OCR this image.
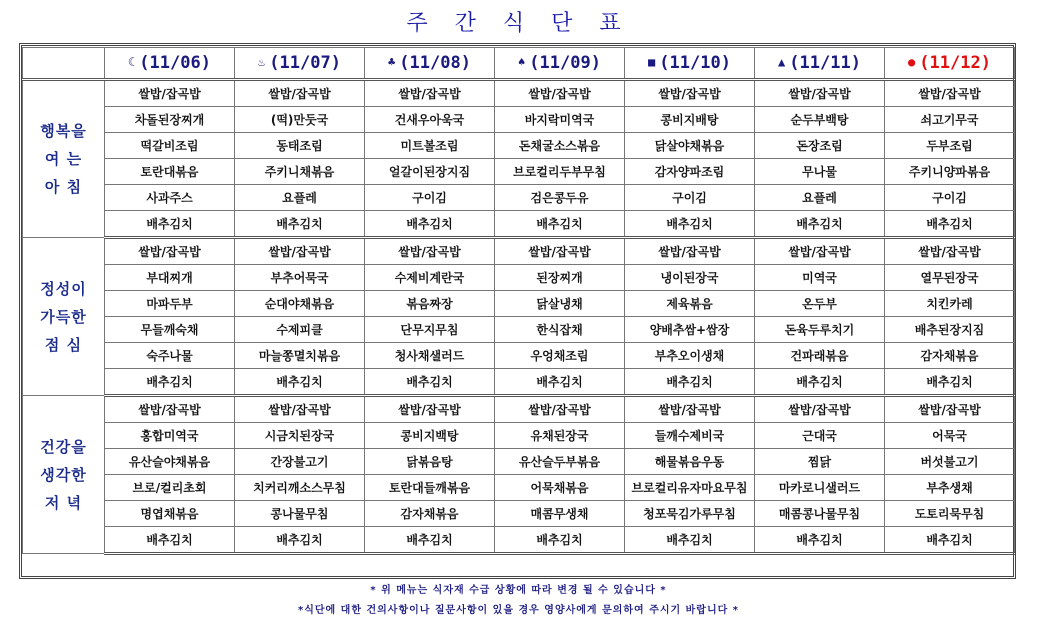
주 간 식 단 표
	☾ (11/06)	♨ (11/07)	♣ (11/08)	♠ (11/09)	■ (11/10)	▲ (11/11)	● (11/12)
행복을
여 는
아 침	쌀밥/잡곡밥	쌀밥/잡곡밥	쌀밥/잡곡밥	쌀밥/잡곡밥	쌀밥/잡곡밥	쌀밥/잡곡밥	쌀밥/잡곡밥
	차돌된장찌개	(떡)만둣국	건새우아욱국	바지락미역국	콩비지배탕	순두부백탕	쇠고기무국
	떡갈비조림	동태조림	미트볼조림	돈채굴소스볶음	닭살야채볶음	돈장조림	두부조림
	토란대볶음	주키니채볶음	얼갈이된장지짐	브로컬리두부무침	감자양파조림	무나물	주키니양파볶음
	사과주스	요플레	구이김	검은콩두유	구이김	요플레	구이김
	배추김치	배추김치	배추김치	배추김치	배추김치	배추김치	배추김치
정성이
가득한
점 심	쌀밥/잡곡밥	쌀밥/잡곡밥	쌀밥/잡곡밥	쌀밥/잡곡밥	쌀밥/잡곡밥	쌀밥/잡곡밥	쌀밥/잡곡밥
	부대찌개	부추어묵국	수제비계란국	된장찌개	냉이된장국	미역국	열무된장국
	마파두부	순대야채볶음	볶음짜장	닭살냉채	제육볶음	온두부	치킨카레
	무들깨숙채	수제피클	단무지무침	한식잡채	양배추쌈+쌈장	돈육두루치기	배추된장지짐
	숙주나물	마늘쫑멸치볶음	청사채샐러드	우엉채조림	부추오이생채	건파래볶음	감자채볶음
	배추김치	배추김치	배추김치	배추김치	배추김치	배추김치	배추김치
건강을
생각한
저 녁	쌀밥/잡곡밥	쌀밥/잡곡밥	쌀밥/잡곡밥	쌀밥/잡곡밥	쌀밥/잡곡밥	쌀밥/잡곡밥	쌀밥/잡곡밥
	홍합미역국	시금치된장국	콩비지백탕	유채된장국	들깨수제비국	근대국	어묵국
	유산슬야채볶음	간장불고기	닭볶음탕	유산슬두부볶음	해물볶음우동	찜닭	버섯불고기
	브로/컬리초회	치커리깨소스무침	토란대들깨볶음	어묵채볶음	브로컬리유자마요무침	마카로니샐러드	부추생채
	명엽채볶음	콩나물무침	감자채볶음	매콤무생채	청포묵김가루무침	매콤콩나물무침	도토리묵무침
	배추김치	배추김치	배추김치	배추김치	배추김치	배추김치	배추김치
* 위 메뉴는 식자재 수급 상황에 따라 변경 될 수 있습니다 *
*식단에 대한 건의사항이나 질문사항이 있을 경우 영양사에게 문의하여 주시기 바랍니다 *
